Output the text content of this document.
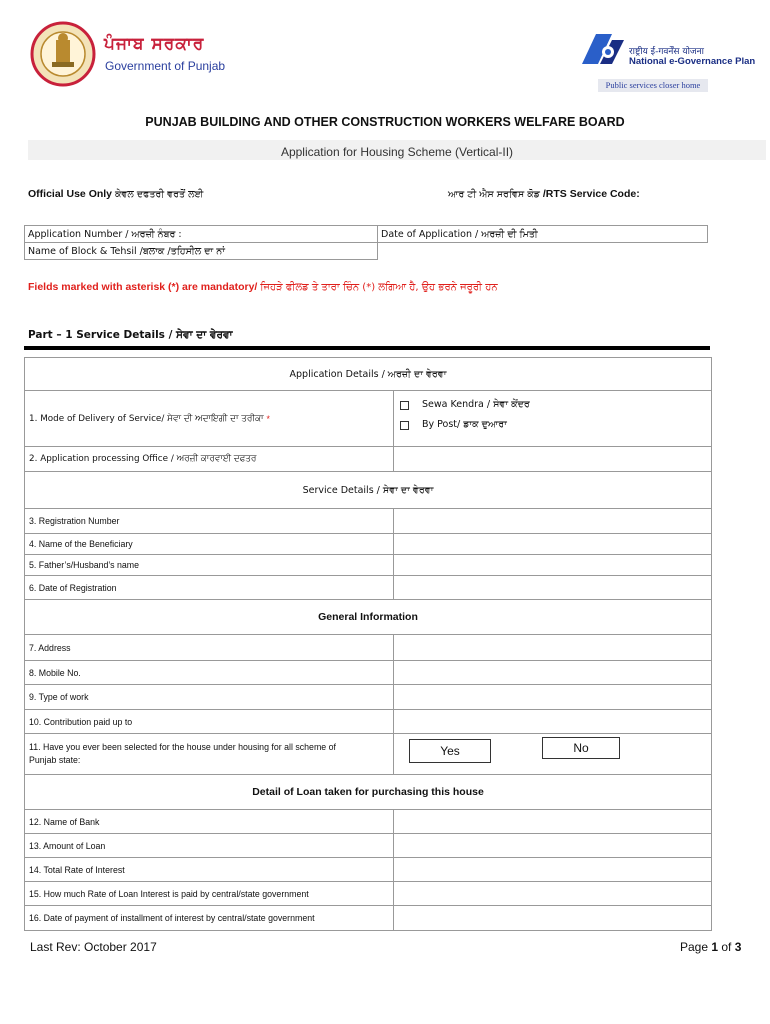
ਪੰਜਾਬ ਸਰਕਾਰ
Government of Punjab
राष्ट्रीय ई-गवर्नेंस योजना
National e-Governance Plan
Public services closer home
PUNJAB BUILDING AND OTHER CONSTRUCTION WORKERS WELFARE BOARD
Application for Housing Scheme (Vertical-II)
Official Use Only ਕੇਵਲ ਦਫਤਰੀ ਵਰਤੋਂ ਲਈ	ਆਰ ਟੀ ਐਸ ਸਰਵਿਸ ਕੋਡ /RTS Service Code:
Application Number / ਅਰਜ਼ੀ ਨੰਬਰ :	Date of Application / ਅਰਜ਼ੀ ਦੀ ਮਿਤੀ
Name of Block & Tehsil /ਬਲਾਕ /ਤਹਿਸੀਲ ਦਾ ਨਾਂ	
Fields marked with asterisk (*) are mandatory/ ਜਿਹੜੇ ਫੀਲਡ ਤੇ ਤਾਰਾ ਚਿੰਨ (*) ਲਗਿਆ ਹੈ, ਉਹ ਭਰਨੇ ਜਰੂਰੀ ਹਨ
Part – 1 Service Details / ਸੇਵਾ ਦਾ ਵੇਰਵਾ
Application Details / ਅਰਜ਼ੀ ਦਾ ਵੇਰਵਾ
1. Mode of Delivery of Service/ ਸੇਵਾ ਦੀ ਅਦਾਇਗੀ ਦਾ ਤਰੀਕਾ *
Sewa Kendra / ਸੇਵਾ ਕੇਂਦਰ
By Post/ ਡਾਕ ਦੁਆਰਾ
2. Application processing Office / ਅਰਜ਼ੀ ਕਾਰਵਾਈ ਦਫਤਰ
Service Details / ਸੇਵਾ ਦਾ ਵੇਰਵਾ
3. Registration Number
4. Name of the Beneficiary
5. Father’s/Husband’s name
6. Date of Registration
General Information
7. Address
8. Mobile No.
9. Type of work
10. Contribution paid up to
11. Have you ever been selected for the house under housing for all scheme of
Punjab state:
Yes	No
Detail of Loan taken for purchasing this house
12. Name of Bank
13. Amount of Loan
14. Total Rate of Interest
15. How much Rate of Loan Interest is paid by central/state government
16. Date of payment of installment of interest by central/state government
Last Rev: October 2017	Page 1 of 3
